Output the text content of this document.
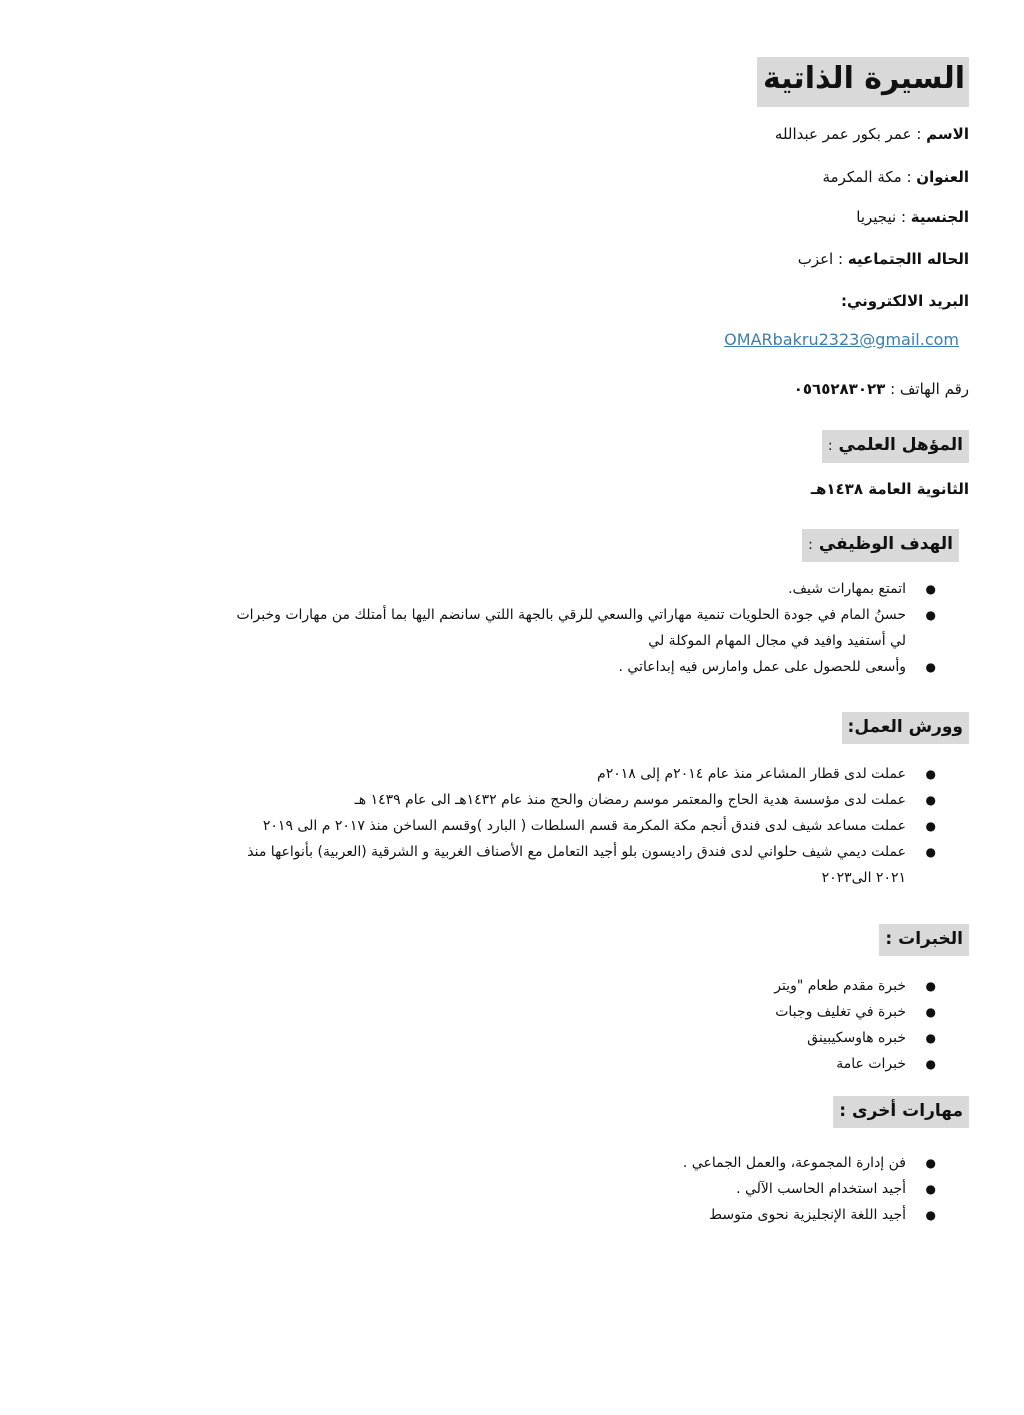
السيرة الذاتية
الاسم : عمر بكور عمر عبدالله
العنوان : مكة المكرمة
الجنسية : نيجيريا
الحاله االجتماعيه : اعزب
البريد الالكتروني:
OMARbakru2323@gmail.com
رقم الهاتف : ٠٥٦٥٢٨٣٠٢٣
المؤهل العلمي :
الثانوية العامة ١٤٣٨هـ
الهدف الوظيفي :
●
اتمتع بمهارات شيف.
●
حسنُ المام في جودة الحلويات تنمية مهاراتي والسعي للرقي بالجهة اللتي سانضم اليها بما أمتلك من مهارات وخبرات
لي أستفيد وافيد في مجال المهام الموكلة لي
●
وأسعى للحصول على عمل وامارس فيه إبداعاتي .
وورش العمل:
●
عملت لدى قطار المشاعر منذ عام ٢٠١٤م إلى ٢٠١٨م
●
عملت لدى مؤسسة هدية الحاج والمعتمر موسم رمضان والحج منذ عام ١٤٣٢هـ الى عام ١٤٣٩ هـ
●
عملت مساعد شيف لدى فندق أنجم مكة المكرمة قسم السلطات ( البارد )وقسم الساخن منذ ٢٠١٧ م الى ٢٠١٩
●
عملت ديمي شيف حلواني لدى فندق راديسون بلو أجيد التعامل مع الأصناف الغربية و الشرقية (العربية) بأنواعها منذ
٢٠٢١ الى٢٠٢٣
الخبرات :
●
خبرة مقدم طعام "ويتر
●
خبرة في تغليف وجبات
●
خبره هاوسكيبينق
●
خبرات عامة
مهارات أخرى :
●
فن إدارة المجموعة، والعمل الجماعي .
●
أجيد استخدام الحاسب الآلي .
●
أجيد اللغة الإنجليزية نحوى متوسط
